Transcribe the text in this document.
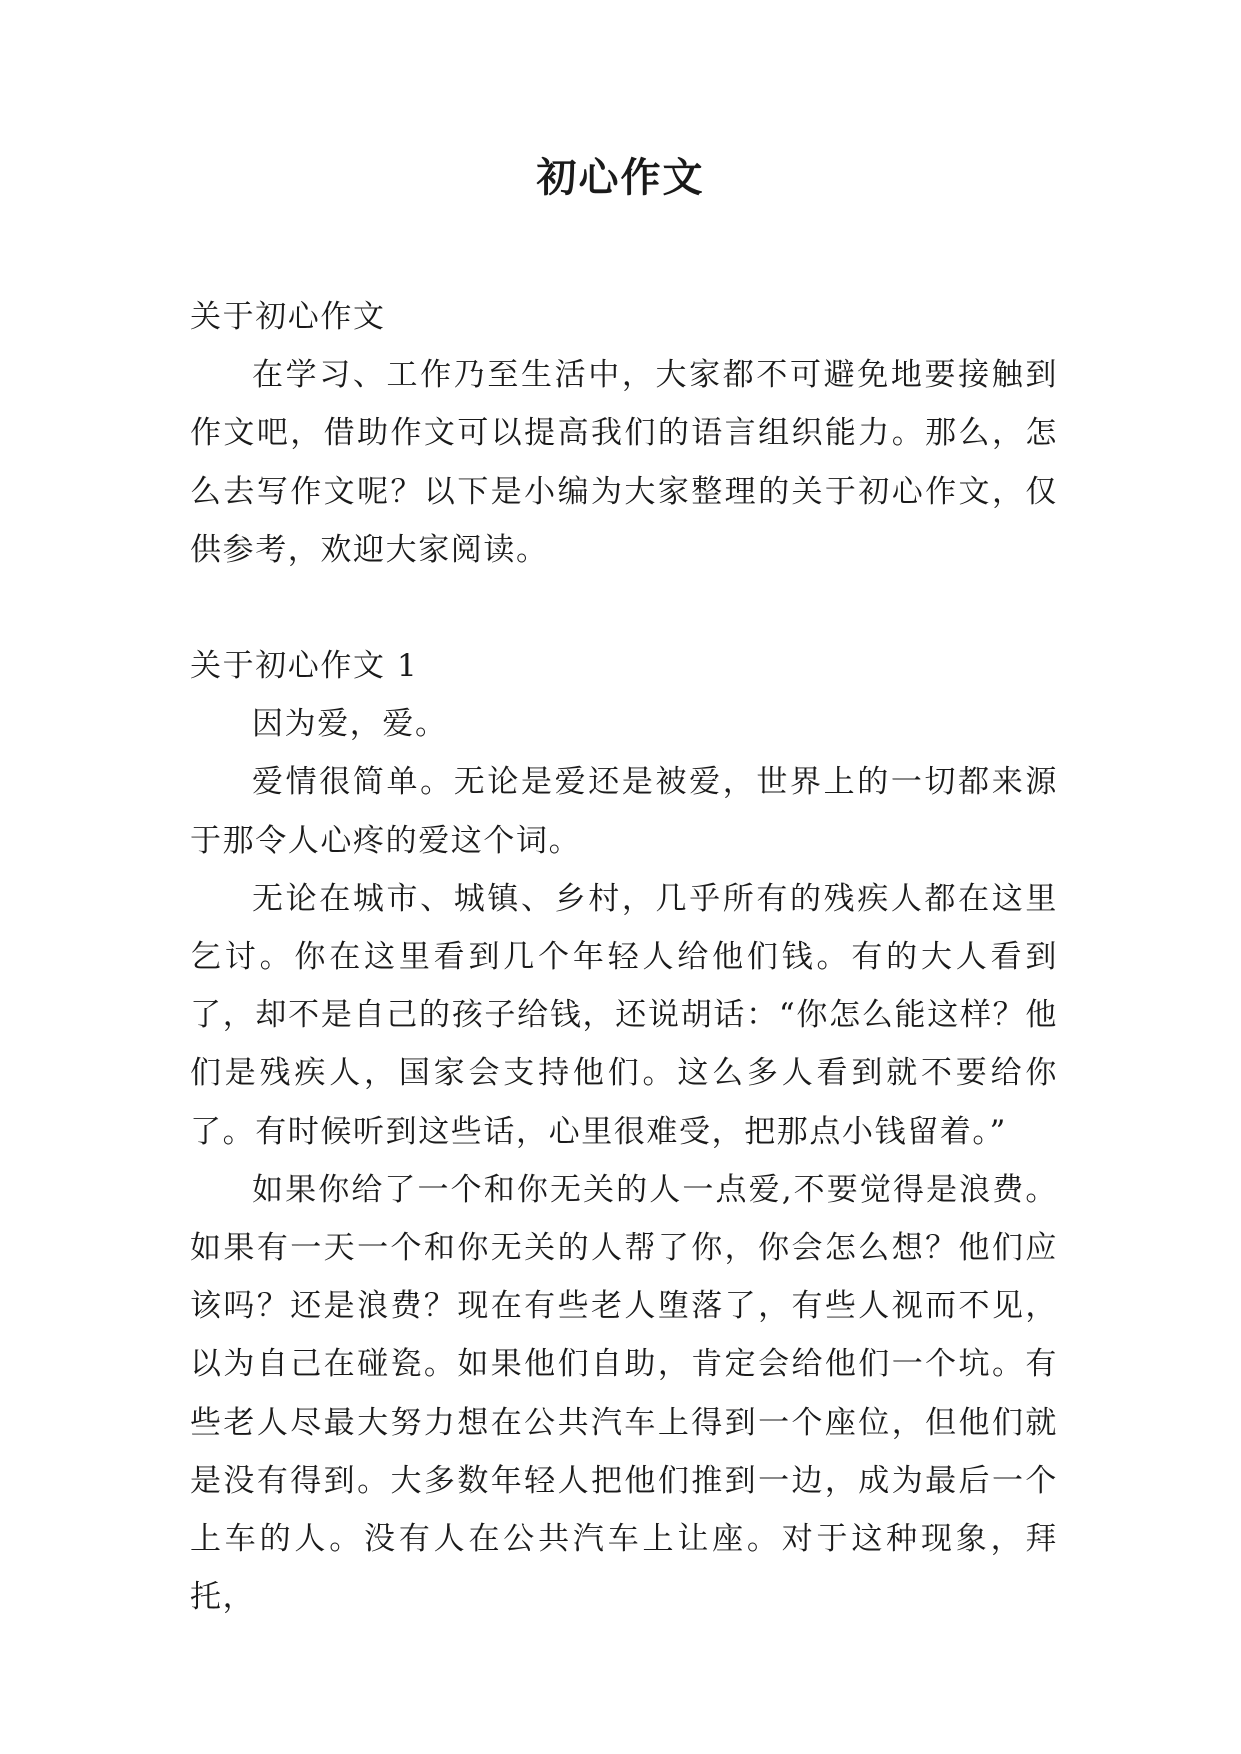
初心作文

关于初心作文

在学习、工作乃至生活中，大家都不可避免地要接触到作文吧，借助作文可以提高我们的语言组织能力。那么，怎么去写作文呢？以下是小编为大家整理的关于初心作文，仅供参考，欢迎大家阅读。

关于初心作文 1

因为爱，爱。

爱情很简单。无论是爱还是被爱，世界上的一切都来源于那令人心疼的爱这个词。

无论在城市、城镇、乡村，几乎所有的残疾人都在这里乞讨。你在这里看到几个年轻人给他们钱。有的大人看到了，却不是自己的孩子给钱，还说胡话：“你怎么能这样？他们是残疾人，国家会支持他们。这么多人看到就不要给你了。有时候听到这些话，心里很难受，把那点小钱留着。”

如果你给了一个和你无关的人一点爱,不要觉得是浪费。如果有一天一个和你无关的人帮了你，你会怎么想？他们应该吗？还是浪费？现在有些老人堕落了，有些人视而不见，以为自己在碰瓷。如果他们自助，肯定会给他们一个坑。有些老人尽最大努力想在公共汽车上得到一个座位，但他们就是没有得到。大多数年轻人把他们推到一边，成为最后一个上车的人。没有人在公共汽车上让座。对于这种现象，拜托，
